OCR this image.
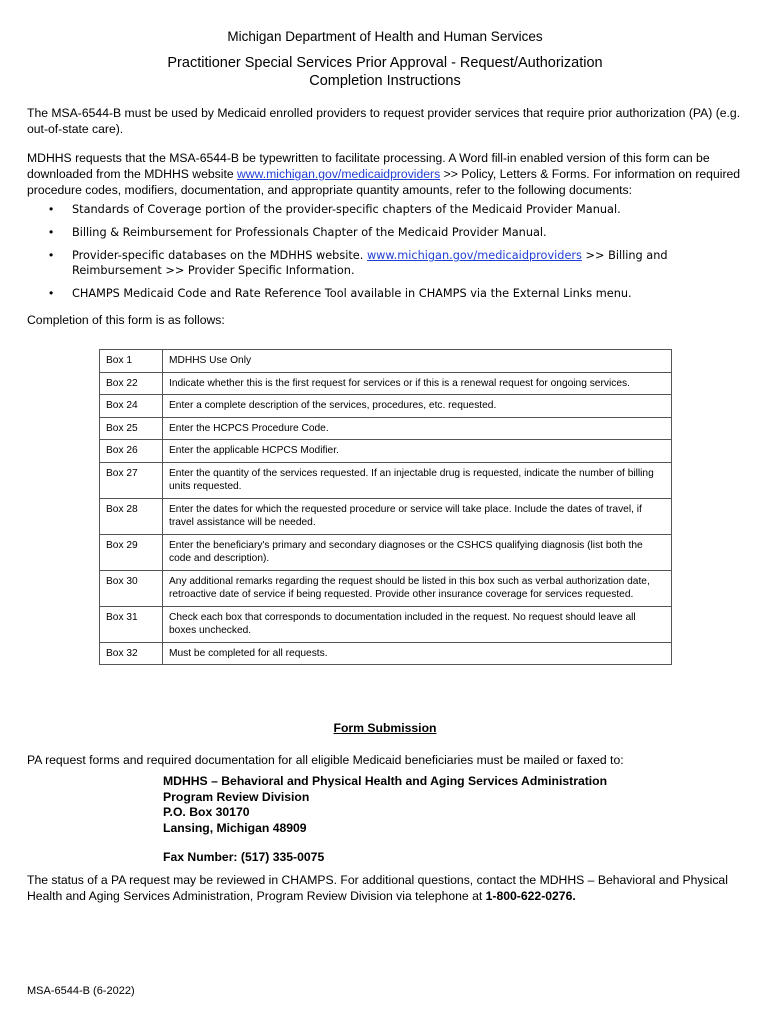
Michigan Department of Health and Human Services
Practitioner Special Services Prior Approval - Request/Authorization
Completion Instructions
The MSA-6544-B must be used by Medicaid enrolled providers to request provider services that require prior authorization (PA) (e.g. out-of-state care).
MDHHS requests that the MSA-6544-B be typewritten to facilitate processing. A Word fill-in enabled version of this form can be downloaded from the MDHHS website www.michigan.gov/medicaidproviders >> Policy, Letters & Forms. For information on required procedure codes, modifiers, documentation, and appropriate quantity amounts, refer to the following documents:
• Standards of Coverage portion of the provider-specific chapters of the Medicaid Provider Manual.
• Billing & Reimbursement for Professionals Chapter of the Medicaid Provider Manual.
• Provider-specific databases on the MDHHS website. www.michigan.gov/medicaidproviders >> Billing and Reimbursement >> Provider Specific Information.
• CHAMPS Medicaid Code and Rate Reference Tool available in CHAMPS via the External Links menu.
Completion of this form is as follows:
Box 1	MDHHS Use Only
Box 22	Indicate whether this is the first request for services or if this is a renewal request for ongoing services.
Box 24	Enter a complete description of the services, procedures, etc. requested.
Box 25	Enter the HCPCS Procedure Code.
Box 26	Enter the applicable HCPCS Modifier.
Box 27	Enter the quantity of the services requested. If an injectable drug is requested, indicate the number of billing units requested.
Box 28	Enter the dates for which the requested procedure or service will take place. Include the dates of travel, if travel assistance will be needed.
Box 29	Enter the beneficiary's primary and secondary diagnoses or the CSHCS qualifying diagnosis (list both the code and description).
Box 30	Any additional remarks regarding the request should be listed in this box such as verbal authorization date, retroactive date of service if being requested. Provide other insurance coverage for services requested.
Box 31	Check each box that corresponds to documentation included in the request. No request should leave all boxes unchecked.
Box 32	Must be completed for all requests.
Form Submission
PA request forms and required documentation for all eligible Medicaid beneficiaries must be mailed or faxed to:
MDHHS – Behavioral and Physical Health and Aging Services Administration
Program Review Division
P.O. Box 30170
Lansing, Michigan 48909
Fax Number: (517) 335-0075
The status of a PA request may be reviewed in CHAMPS. For additional questions, contact the MDHHS – Behavioral and Physical Health and Aging Services Administration, Program Review Division via telephone at 1-800-622-0276.
MSA-6544-B (6-2022)
